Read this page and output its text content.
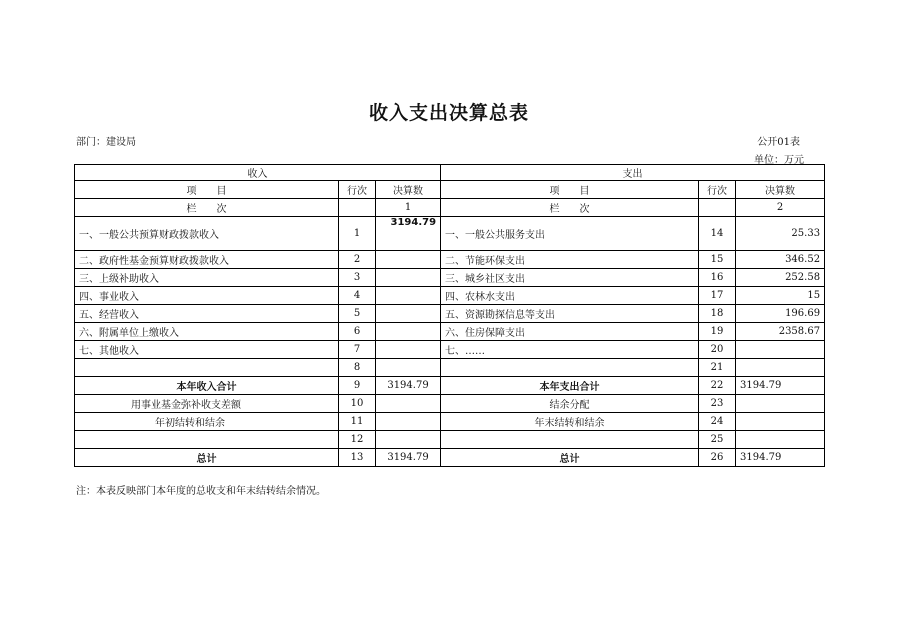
收入支出决算总表
部门：建设局	公开01表
单位：万元
收入			支出		
项　　目	行次	决算数	项　　目	行次	决算数
栏　　次		1	栏　　次		2
一、一般公共预算财政拨款收入	1	3194.79	一、一般公共服务支出	14	25.33
二、政府性基金预算财政拨款收入	2		二、节能环保支出	15	346.52
三、上级补助收入	3		三、城乡社区支出	16	252.58
四、事业收入	4		四、农林水支出	17	15
五、经营收入	5		五、资源勘探信息等支出	18	196.69
六、附属单位上缴收入	6		六、住房保障支出	19	2358.67
七、其他收入	7		七、……	20	
	8			21	
本年收入合计	9	3194.79	本年支出合计	22	3194.79
用事业基金弥补收支差额	10		结余分配	23	
年初结转和结余	11		年末结转和结余	24	
	12			25	
总计	13	3194.79	总计	26	3194.79
注：本表反映部门本年度的总收支和年末结转结余情况。
